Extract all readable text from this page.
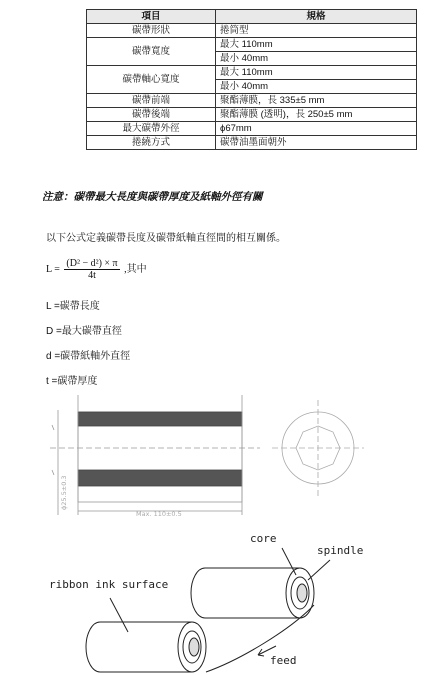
項目	規格
碳帶形狀	捲筒型
碳帶寬度	最大 110mm
	最小 40mm
碳帶軸心寬度	最大 110mm
	最小 40mm
碳帶前端	聚酯薄膜，長 335±5 mm
碳帶後端	聚酯薄膜 (透明)，長 250±5 mm
最大碳帶外徑	ϕ67mm
捲繞方式	碳帶油墨面朝外
注意：碳帶最大長度與碳帶厚度及紙軸外徑有關
以下公式定義碳帶長度及碳帶紙軸直徑間的相互關係。
$L = \frac{\text{(D² − d²) × π}}{4t}$ ,其中
L =碳帶長度
D =最大碳帶直徑
d =碳帶紙軸外直徑
t =碳帶厚度
Max. 110±0.5
ϕ25.5±0.3
core
spindle
ribbon ink surface
feed
